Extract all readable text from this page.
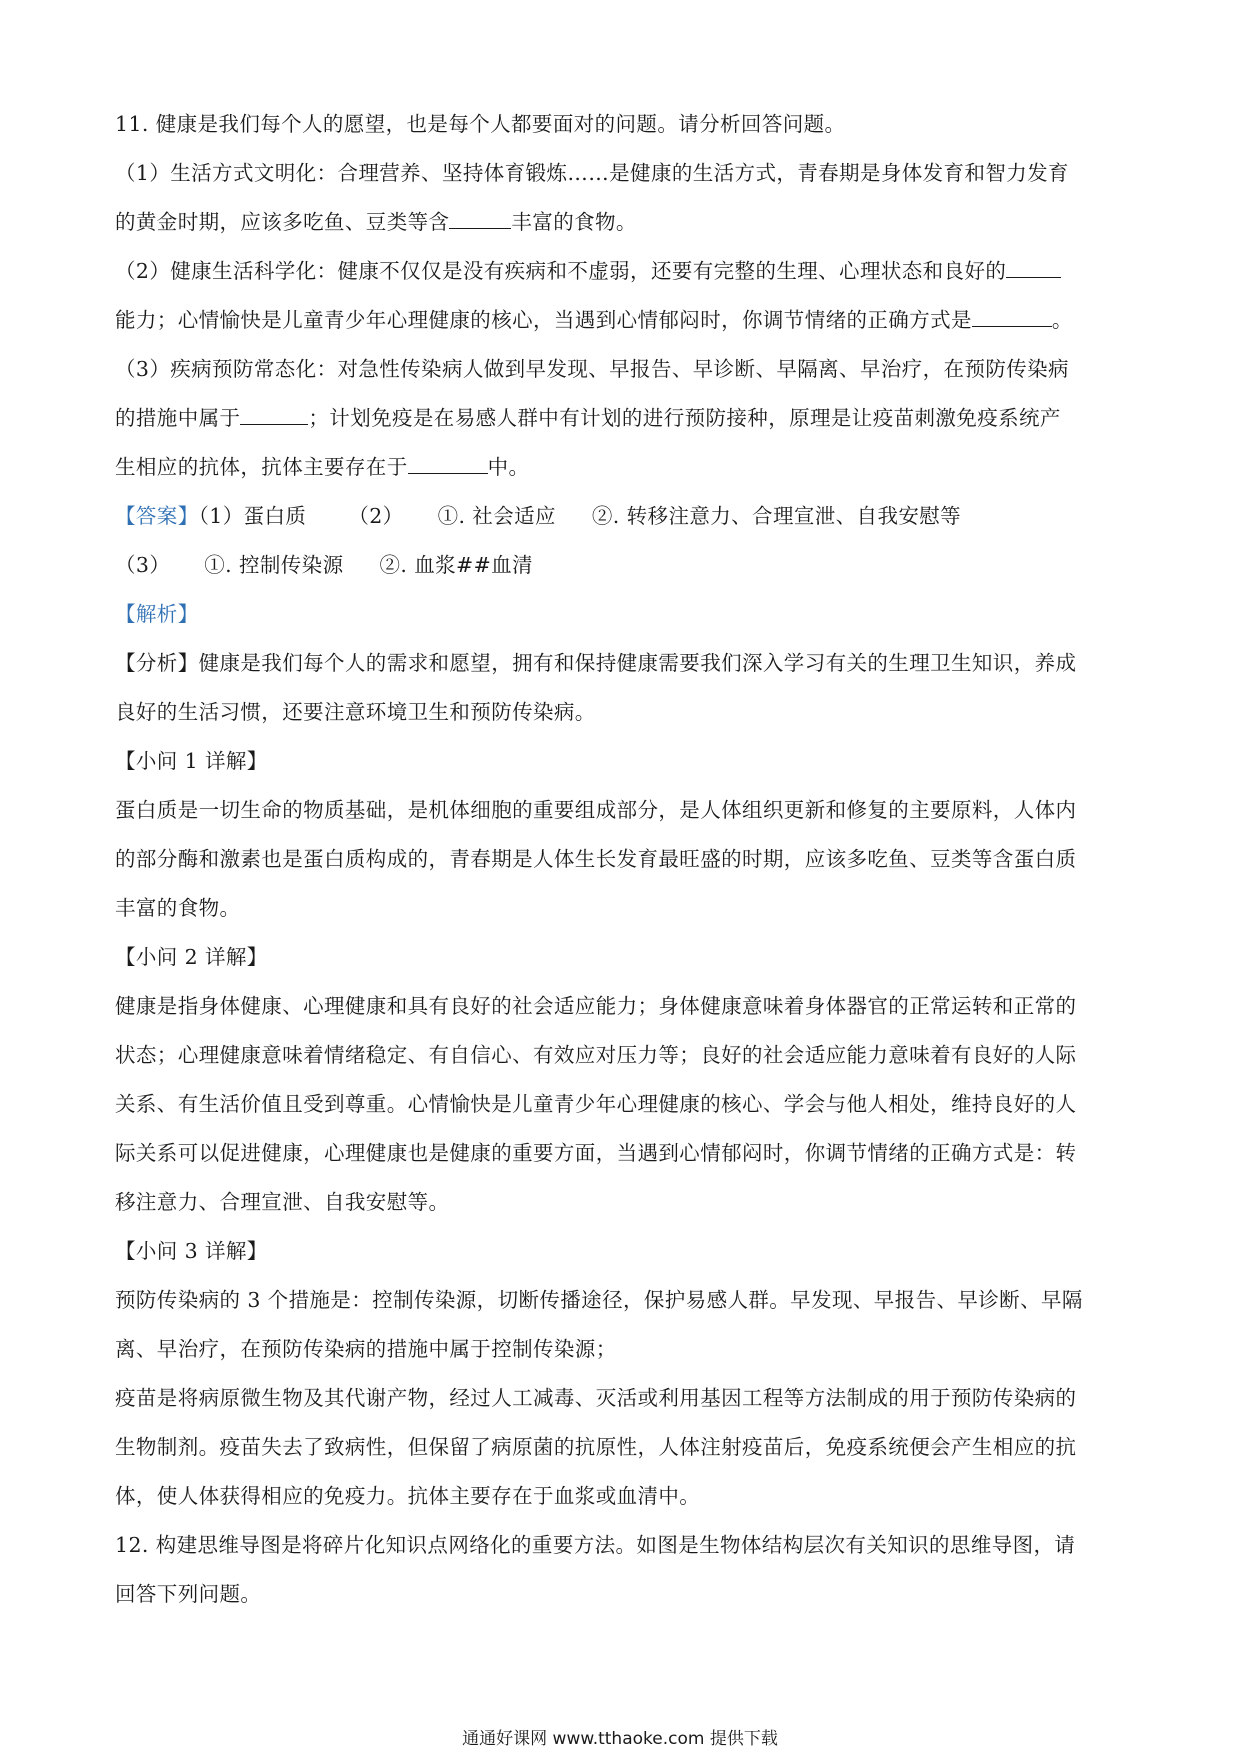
11. 健康是我们每个人的愿望，也是每个人都要面对的问题。请分析回答问题。
（1）生活方式文明化：合理营养、坚持体育锻炼……是健康的生活方式，青春期是身体发育和智力发育
的黄金时期，应该多吃鱼、豆类等含	丰富的食物。
（2）健康生活科学化：健康不仅仅是没有疾病和不虚弱，还要有完整的生理、心理状态和良好的
能力；心情愉快是儿童青少年心理健康的核心，当遇到心情郁闷时，你调节情绪的正确方式是	。
（3）疾病预防常态化：对急性传染病人做到早发现、早报告、早诊断、早隔离、早治疗，在预防传染病
的措施中属于	；计划免疫是在易感人群中有计划的进行预防接种，原理是让疫苗刺激免疫系统产
生相应的抗体，抗体主要存在于	中。
【答案】（1）蛋白质 （2） ①. 社会适应 ②. 转移注意力、合理宣泄、自我安慰等
（3） ①. 控制传染源 ②. 血浆##血清
【解析】
【分析】健康是我们每个人的需求和愿望，拥有和保持健康需要我们深入学习有关的生理卫生知识，养成
良好的生活习惯，还要注意环境卫生和预防传染病。
【小问 1 详解】
蛋白质是一切生命的物质基础，是机体细胞的重要组成部分，是人体组织更新和修复的主要原料，人体内
的部分酶和激素也是蛋白质构成的，青春期是人体生长发育最旺盛的时期，应该多吃鱼、豆类等含蛋白质
丰富的食物。
【小问 2 详解】
健康是指身体健康、心理健康和具有良好的社会适应能力；身体健康意味着身体器官的正常运转和正常的
状态；心理健康意味着情绪稳定、有自信心、有效应对压力等；良好的社会适应能力意味着有良好的人际
关系、有生活价值且受到尊重。心情愉快是儿童青少年心理健康的核心、学会与他人相处，维持良好的人
际关系可以促进健康，心理健康也是健康的重要方面，当遇到心情郁闷时，你调节情绪的正确方式是：转
移注意力、合理宣泄、自我安慰等。
【小问 3 详解】
预防传染病的 3 个措施是：控制传染源，切断传播途径，保护易感人群。早发现、早报告、早诊断、早隔
离、早治疗，在预防传染病的措施中属于控制传染源；
疫苗是将病原微生物及其代谢产物，经过人工减毒、灭活或利用基因工程等方法制成的用于预防传染病的
生物制剂。疫苗失去了致病性，但保留了病原菌的抗原性，人体注射疫苗后，免疫系统便会产生相应的抗
体，使人体获得相应的免疫力。抗体主要存在于血浆或血清中。
12. 构建思维导图是将碎片化知识点网络化的重要方法。如图是生物体结构层次有关知识的思维导图，请
回答下列问题。
通通好课网 www.tthaoke.com 提供下载
